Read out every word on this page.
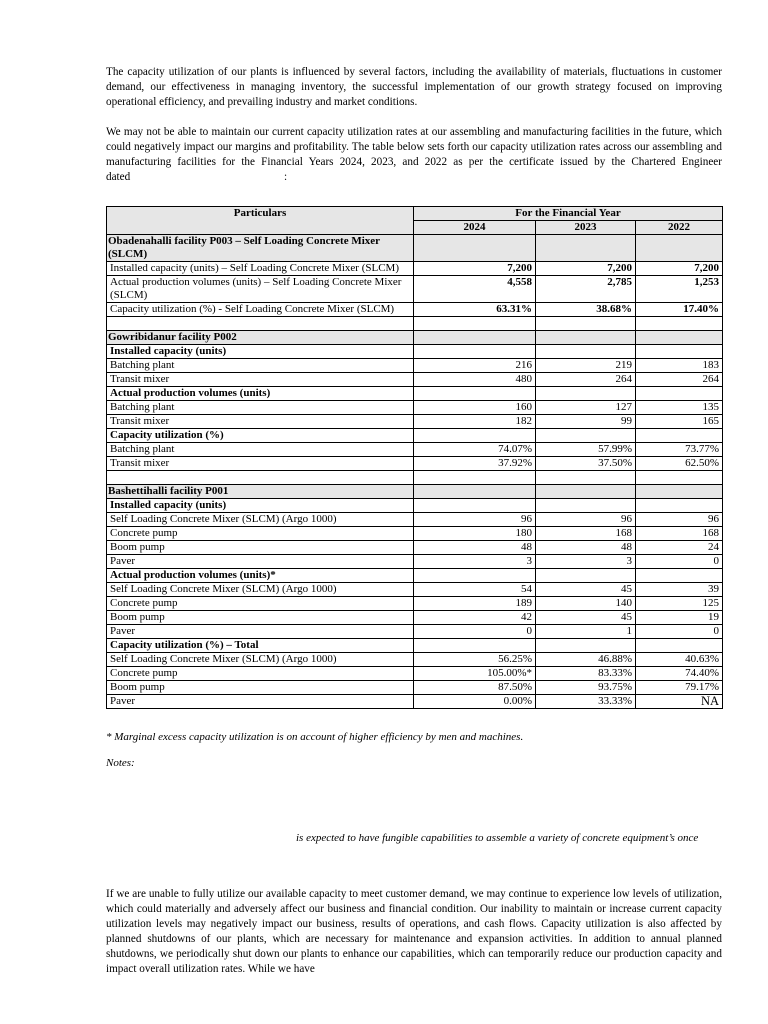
The capacity utilization of our plants is influenced by several factors, including the availability of materials, fluctuations in customer demand, our effectiveness in managing inventory, the successful implementation of our growth strategy focused on improving operational efficiency, and prevailing industry and market conditions.

We may not be able to maintain our current capacity utilization rates at our assembling and manufacturing facilities in the future, which could negatively impact our margins and profitability. The table below sets forth our capacity utilization rates across our assembling and manufacturing facilities for the Financial Years 2024, 2023, and 2022 as per the certificate issued by the Chartered Engineer dated                                                       :

Particulars	For the Financial Year		
	2024	2023	2022
Obadenahalli facility P003 – Self Loading Concrete Mixer (SLCM)			
Installed capacity (units) – Self Loading Concrete Mixer (SLCM)	7,200	7,200	7,200
Actual production volumes (units) – Self Loading Concrete Mixer (SLCM)	4,558	2,785	1,253
Capacity utilization (%) - Self Loading Concrete Mixer (SLCM)	63.31%	38.68%	17.40%

Gowribidanur facility P002			
Installed capacity (units)			
Batching plant	216	219	183
Transit mixer	480	264	264
Actual production volumes (units)			
Batching plant	160	127	135
Transit mixer	182	99	165
Capacity utilization (%)			
Batching plant	74.07%	57.99%	73.77%
Transit mixer	37.92%	37.50%	62.50%

Bashettihalli facility P001			
Installed capacity (units)			
Self Loading Concrete Mixer (SLCM) (Argo 1000)	96	96	96
Concrete pump	180	168	168
Boom pump	48	48	24
Paver	3	3	0
Actual production volumes (units)*			
Self Loading Concrete Mixer (SLCM) (Argo 1000)	54	45	39
Concrete pump	189	140	125
Boom pump	42	45	19
Paver	0	1	0
Capacity utilization (%) – Total			
Self Loading Concrete Mixer (SLCM) (Argo 1000)	56.25%	46.88%	40.63%
Concrete pump	105.00%*	83.33%	74.40%
Boom pump	87.50%	93.75%	79.17%
Paver	0.00%	33.33%	NA

* Marginal excess capacity utilization is on account of higher efficiency by men and machines.

Notes:

is expected to have fungible capabilities to assemble a variety of concrete equipment’s once

If we are unable to fully utilize our available capacity to meet customer demand, we may continue to experience low levels of utilization, which could materially and adversely affect our business and financial condition. Our inability to maintain or increase current capacity utilization levels may negatively impact our business, results of operations, and cash flows. Capacity utilization is also affected by planned shutdowns of our plants, which are necessary for maintenance and expansion activities. In addition to annual planned shutdowns, we periodically shut down our plants to enhance our capabilities, which can temporarily reduce our production capacity and impact overall utilization rates. While we have
